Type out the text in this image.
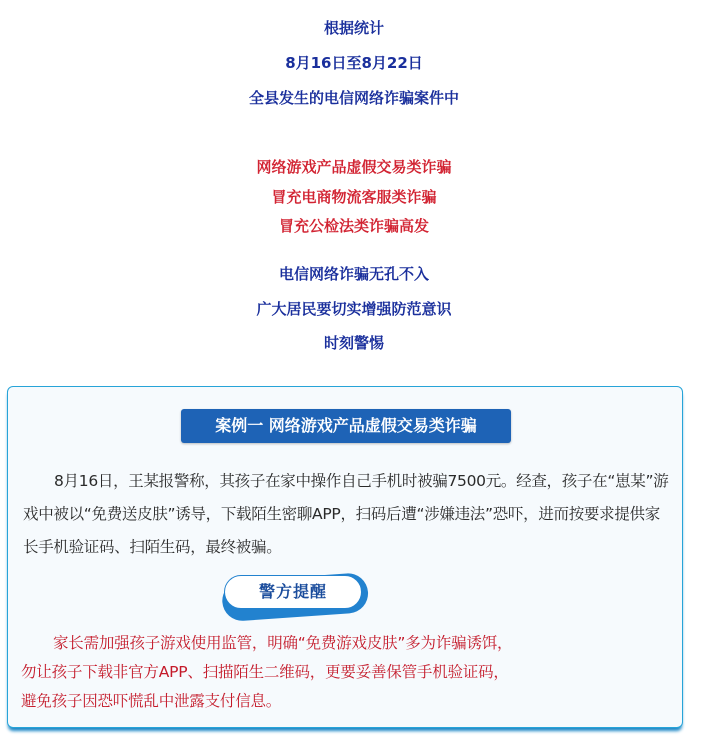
根据统计
8月16日至8月22日
全县发生的电信网络诈骗案件中
网络游戏产品虚假交易类诈骗
冒充电商物流客服类诈骗
冒充公检法类诈骗高发
电信网络诈骗无孔不入
广大居民要切实增强防范意识
时刻警惕
案例一 网络游戏产品虚假交易类诈骗

8月16日，王某报警称，其孩子在家中操作自己手机时被骗7500元。经查，孩子在“崽某”游戏中被以“免费送皮肤”诱导，下载陌生密聊APP，扫码后遭“涉嫌违法”恐吓，进而按要求提供家长手机验证码、扫陌生码，最终被骗。

警方提醒
家长需加强孩子游戏使用监管，明确“免费游戏皮肤”多为诈骗诱饵，
勿让孩子下载非官方APP、扫描陌生二维码，更要妥善保管手机验证码，
避免孩子因恐吓慌乱中泄露支付信息。
